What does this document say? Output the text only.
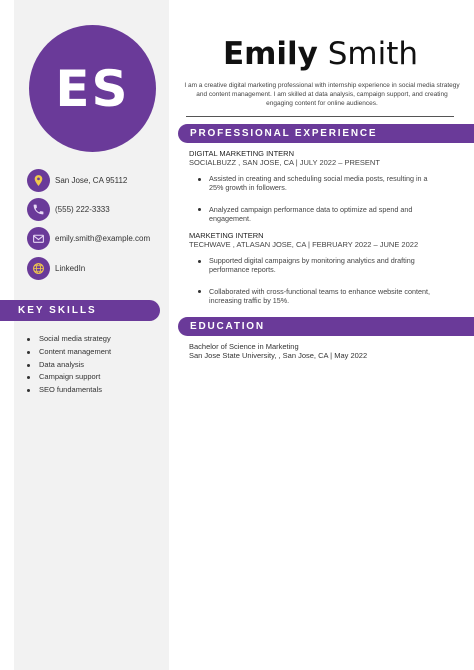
ES
San Jose, CA 95112
(555) 222-3333
emily.smith@example.com
LinkedIn
KEY SKILLS
Social media strategy
Content management
Data analysis
Campaign support
SEO fundamentals
Emily Smith
I am a creative digital marketing professional with internship experience in social media strategy and content management. I am skilled at data analysis, campaign support, and creating engaging content for online audiences.
PROFESSIONAL EXPERIENCE
DIGITAL MARKETING INTERN
SOCIALBUZZ , SAN JOSE, CA | JULY 2022 – PRESENT
Assisted in creating and scheduling social media posts, resulting in a 25% growth in followers.
Analyzed campaign performance data to optimize ad spend and engagement.
MARKETING INTERN
TECHWAVE , ATLASAN JOSE, CA | FEBRUARY 2022 – JUNE 2022
Supported digital campaigns by monitoring analytics and drafting performance reports.
Collaborated with cross-functional teams to enhance website content, increasing traffic by 15%.
EDUCATION
Bachelor of Science in Marketing
San Jose State University, , San Jose, CA | May 2022
